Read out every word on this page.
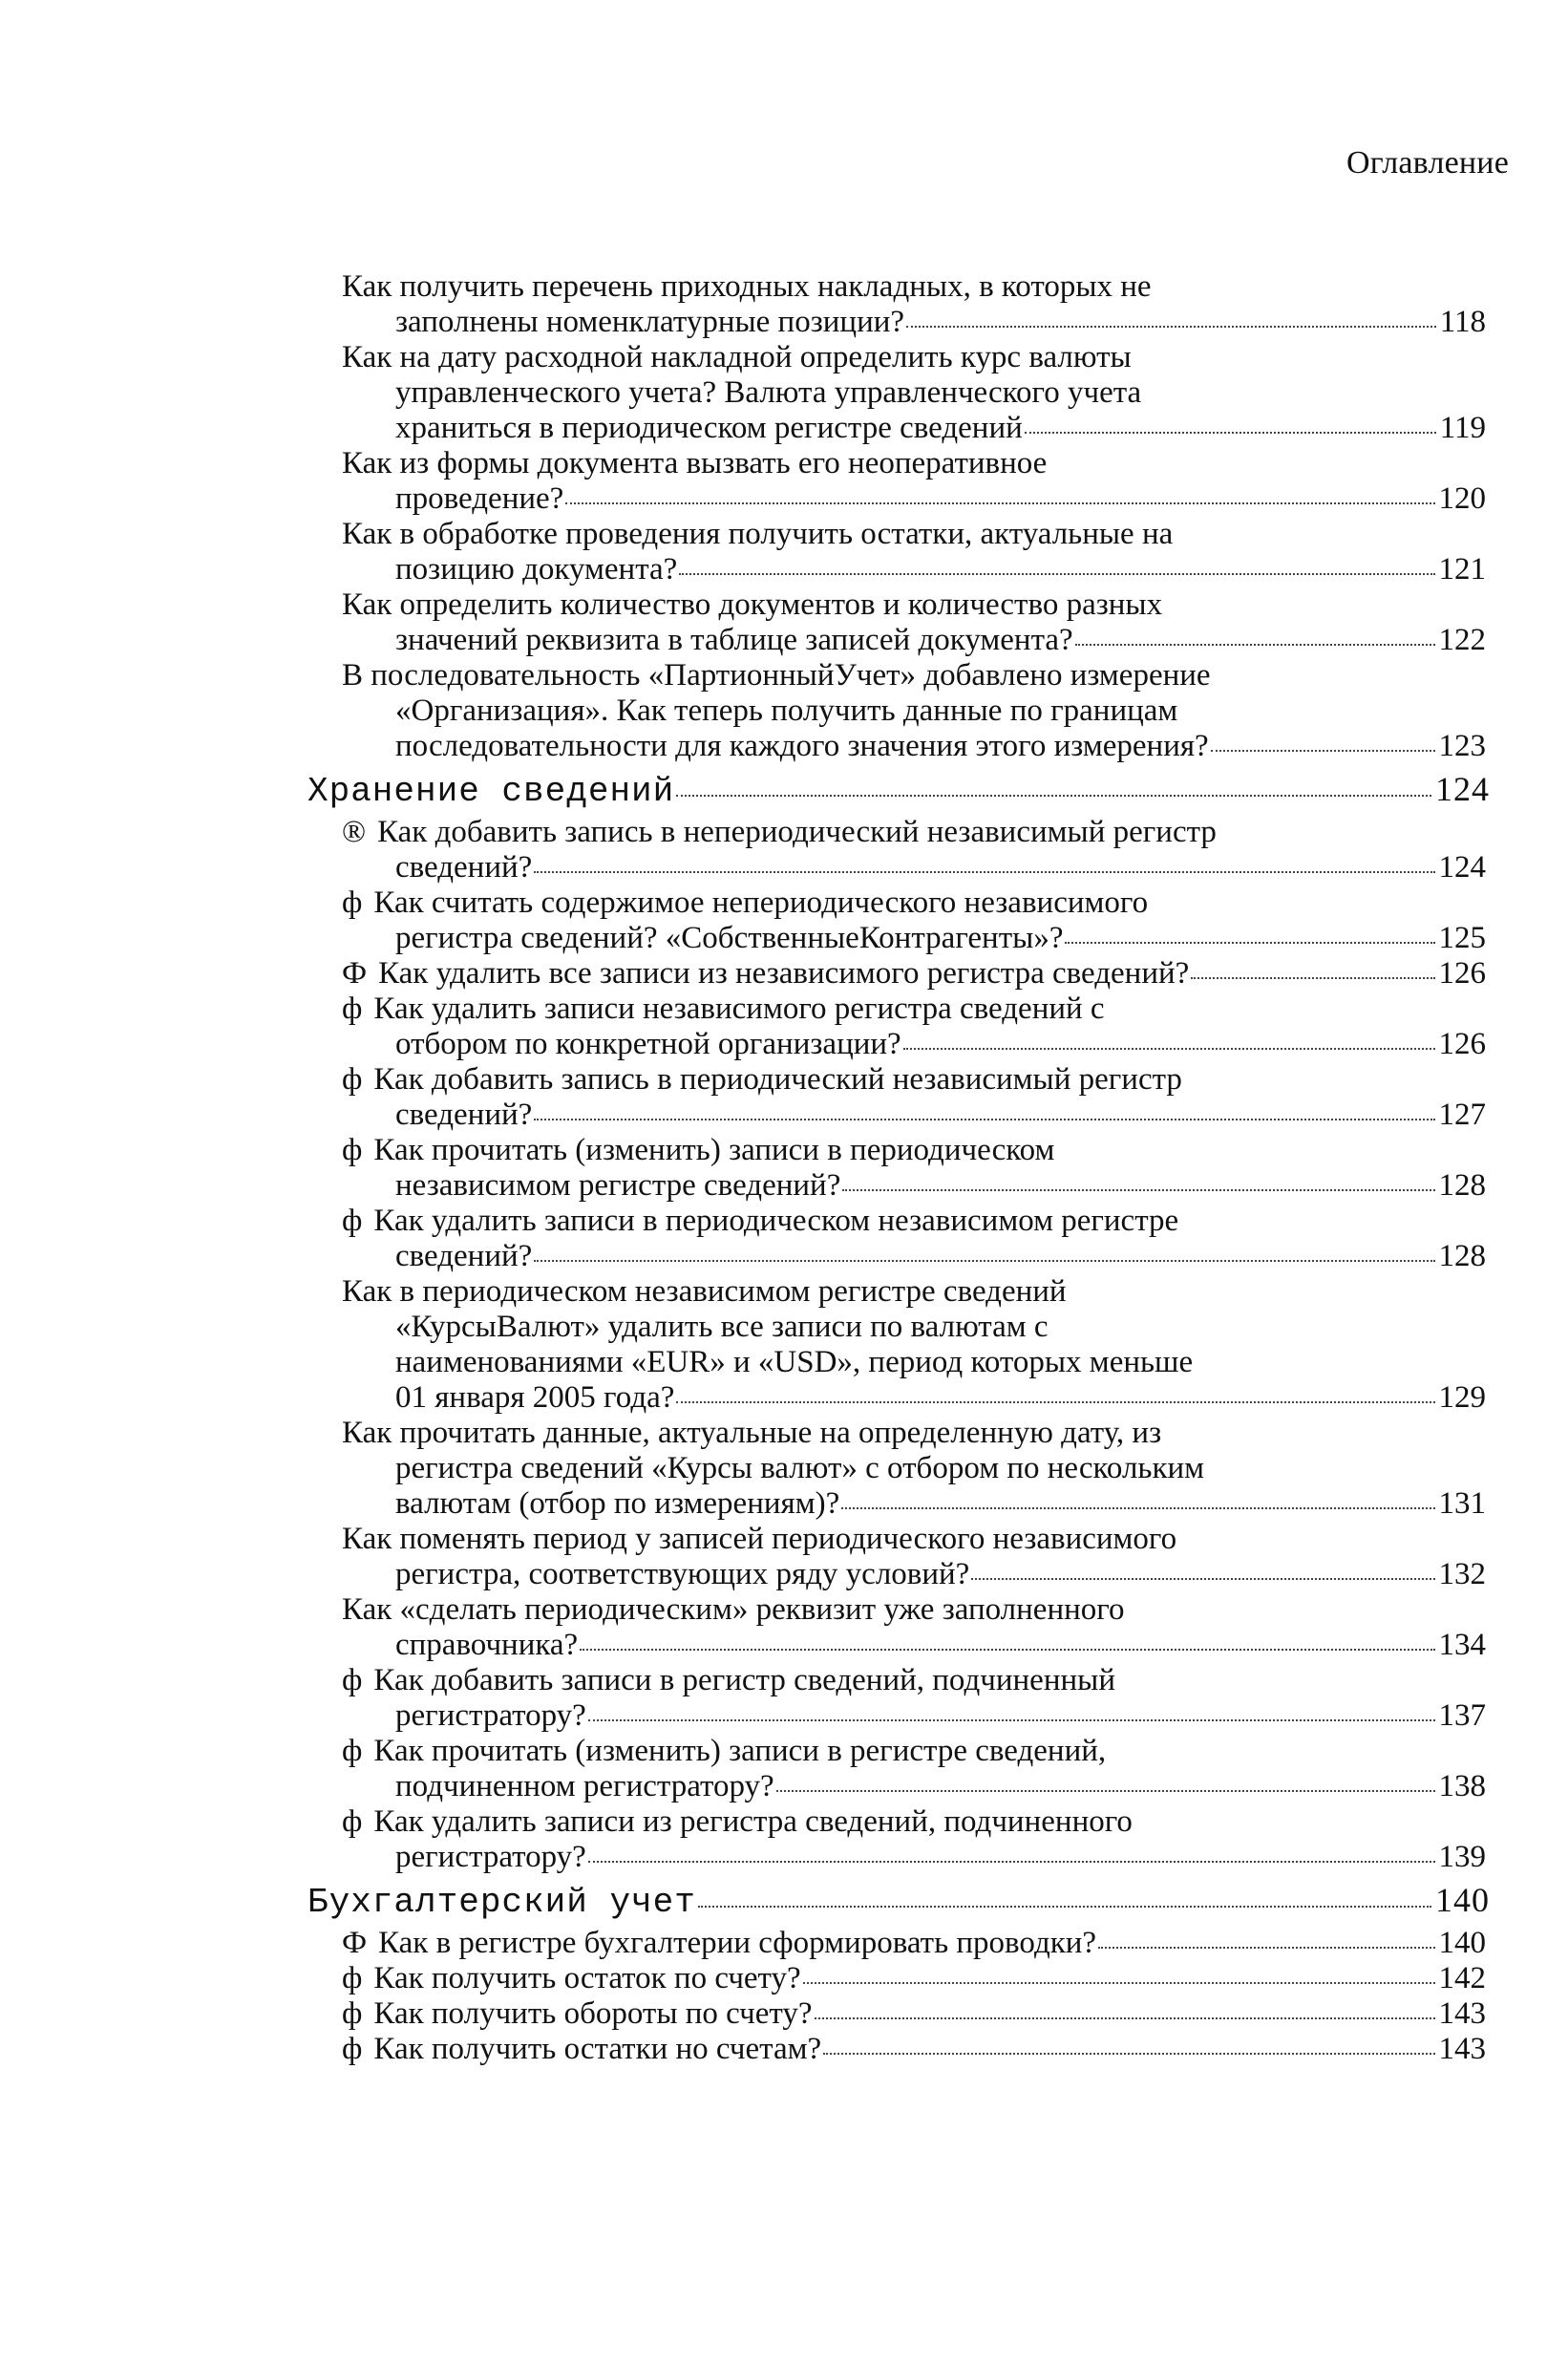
Оглавление
Как получить перечень приходных накладных, в которых не
заполнены номенклатурные позиции?	118
Как на дату расходной накладной определить курс валюты
управленческого учета? Валюта управленческого учета
храниться в периодическом регистре сведений	119
Как из формы документа вызвать его неоперативное
проведение?	120
Как в обработке проведения получить остатки, актуальные на
позицию документа?	121
Как определить количество документов и количество разных
значений реквизита в таблице записей документа?	122
В последовательность «ПартионныйУчет» добавлено измерение
«Организация». Как теперь получить данные по границам
последовательности для каждого значения этого измерения?	123
Хранение сведений	124
® Как добавить запись в непериодический независимый регистр
сведений?	124
ф Как считать содержимое непериодического независимого
регистра сведений? «СобственныеКонтрагенты»?	125
Ф Как удалить все записи из независимого регистра сведений?	126
ф Как удалить записи независимого регистра сведений с
отбором по конкретной организации?	126
ф Как добавить запись в периодический независимый регистр
сведений?	127
ф Как прочитать (изменить) записи в периодическом
независимом регистре сведений?	128
ф Как удалить записи в периодическом независимом регистре
сведений?	128
Как в периодическом независимом регистре сведений
«КурсыВалют» удалить все записи по валютам с
наименованиями «EUR» и «USD», период которых меньше
01 января 2005 года?	129
Как прочитать данные, актуальные на определенную дату, из
регистра сведений «Курсы валют» с отбором по нескольким
валютам (отбор по измерениям)?	131
Как поменять период у записей периодического независимого
регистра, соответствующих ряду условий?	132
Как «сделать периодическим» реквизит уже заполненного
справочника?	134
ф Как добавить записи в регистр сведений, подчиненный
регистратору?	137
ф Как прочитать (изменить) записи в регистре сведений,
подчиненном регистратору?	138
ф Как удалить записи из регистра сведений, подчиненного
регистратору?	139
Бухгалтерский учет	140
Ф Как в регистре бухгалтерии сформировать проводки?	140
ф Как получить остаток по счету?	142
ф Как получить обороты по счету?	143
ф Как получить остатки но счетам?	143
